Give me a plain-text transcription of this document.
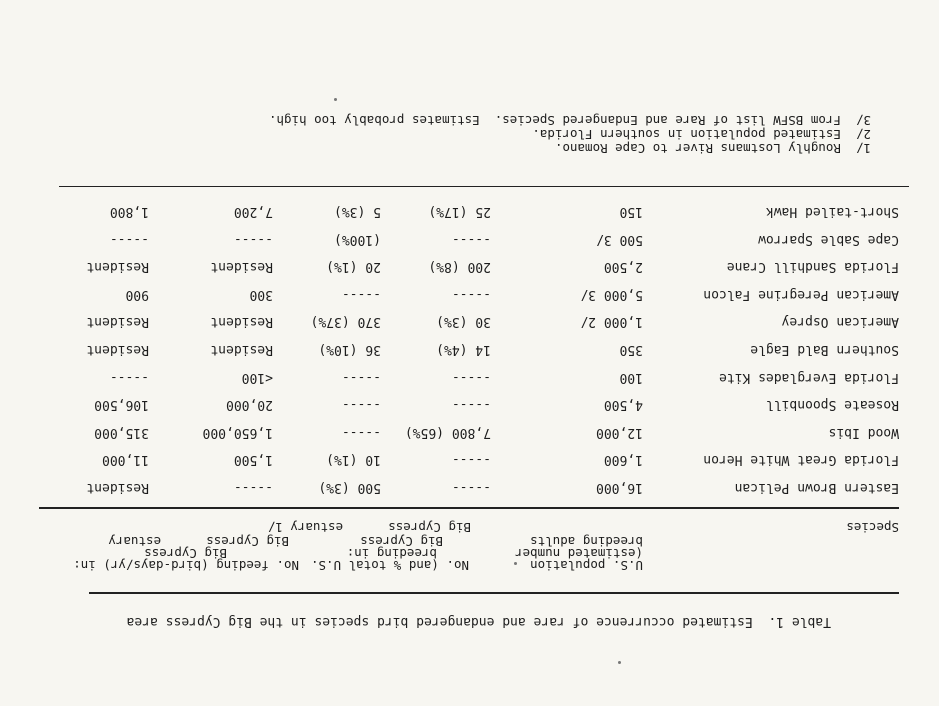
Table 1.  Estimated occurrence of rare and endangered bird species in the Big Cypress area
U.S. population
(estimated number
breeding adults
No. (and % total U.S.
breeding in:
Big Cypress
Big Cypress      estuary 1/
No. feeding (bird-days/yr) in:
Big Cypress
Big Cypress      estuary
Species
Eastern Brown Pelican
16,000
-----
500 (3%)
-----
Resident
Florida Great White Heron
1,600
-----
10 (1%)
1,500
11,000
Wood Ibis
12,000
7,800 (65%)
-----
1,650,000
315,000
Roseate Spoonbill
4,500
-----
-----
20,000
106,500
Florida Everglades Kite
100
-----
-----
<100
-----
Southern Bald Eagle
350
14 (4%)
36 (10%)
Resident
Resident
American Osprey
1,000 2/
30 (3%)
370 (37%)
Resident
Resident
American Peregrine Falcon
5,000 3/
-----
-----
300
900
Florida Sandhill Crane
2,500
200 (8%)
20 (1%)
Resident
Resident
Cape Sable Sparrow
500 3/
-----
(100%)
-----
-----
Short-tailed Hawk
150
25 (17%)
5 (3%)
7,200
1,800
1/  Roughly Lostmans River to Cape Romano.
2/  Estimated population in southern Florida.
3/  From BSFW list of Rare and Endangered Species.  Estimates probably too high.
